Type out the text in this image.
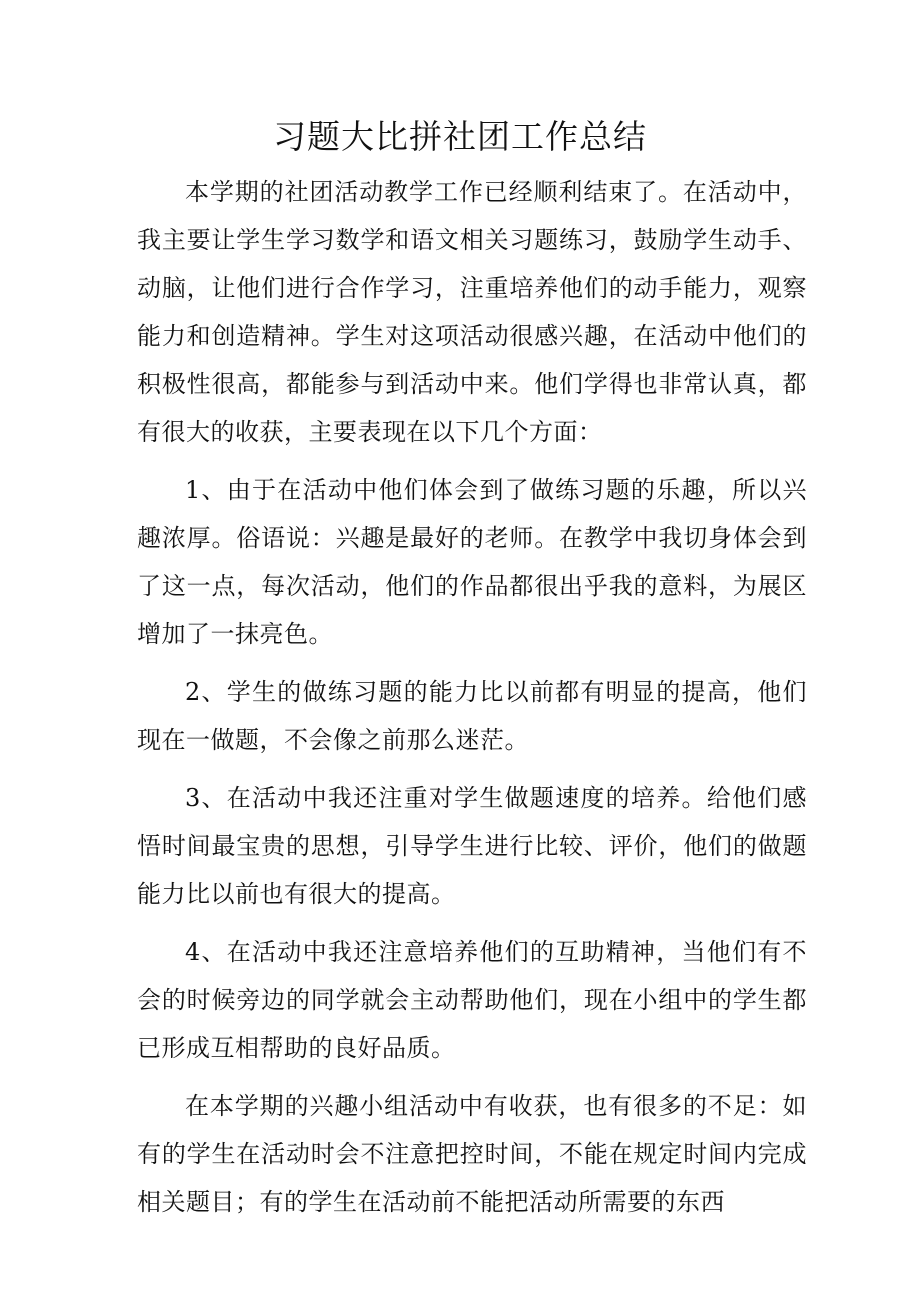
习题大比拼社团工作总结

本学期的社团活动教学工作已经顺利结束了。在活动中，我主要让学生学习数学和语文相关习题练习，鼓励学生动手、动脑，让他们进行合作学习，注重培养他们的动手能力，观察能力和创造精神。学生对这项活动很感兴趣，在活动中他们的积极性很高，都能参与到活动中来。他们学得也非常认真，都有很大的收获，主要表现在以下几个方面：

1、由于在活动中他们体会到了做练习题的乐趣，所以兴趣浓厚。俗语说：兴趣是最好的老师。在教学中我切身体会到了这一点，每次活动，他们的作品都很出乎我的意料，为展区增加了一抹亮色。

2、学生的做练习题的能力比以前都有明显的提高，他们现在一做题，不会像之前那么迷茫。

3、在活动中我还注重对学生做题速度的培养。给他们感悟时间最宝贵的思想，引导学生进行比较、评价，他们的做题能力比以前也有很大的提高。

4、在活动中我还注意培养他们的互助精神，当他们有不会的时候旁边的同学就会主动帮助他们，现在小组中的学生都已形成互相帮助的良好品质。

在本学期的兴趣小组活动中有收获，也有很多的不足：如有的学生在活动时会不注意把控时间，不能在规定时间内完成相关题目；有的学生在活动前不能把活动所需要的东西
